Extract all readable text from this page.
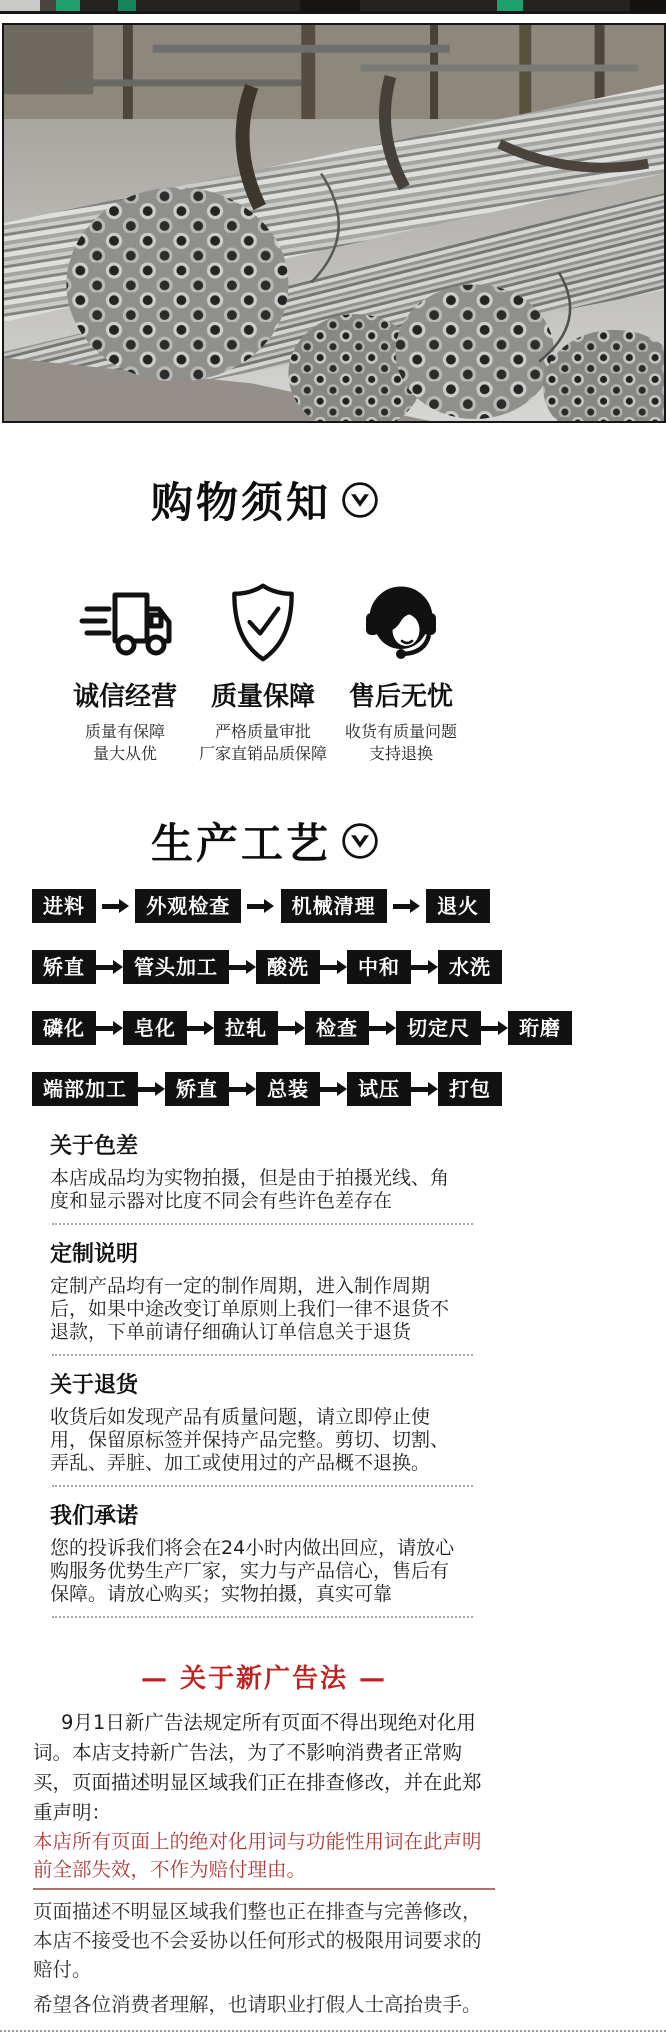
购物须知
诚信经营
质量有保障
量大从优
质量保障
严格质量审批
厂家直销品质保障
售后无忧
收货有质量问题
支持退换
生产工艺
进料	外观检查	机械清理	退火
矫直	管头加工	酸洗	中和	水洗
磷化	皂化	拉轧	检查	切定尺	珩磨
端部加工	矫直	总装	试压	打包
关于色差
本店成品均为实物拍摄，但是由于拍摄光线、角度和显示器对比度不同会有些许色差存在
定制说明
定制产品均有一定的制作周期，进入制作周期后，如果中途改变订单原则上我们一律不退货不退款，下单前请仔细确认订单信息关于退货
关于退货
收货后如发现产品有质量问题，请立即停止使用，保留原标签并保持产品完整。剪切、切割、弄乱、弄脏、加工或使用过的产品概不退换。
我们承诺
您的投诉我们将会在24小时内做出回应，请放心购服务优势生产厂家，实力与产品信心，售后有保障。请放心购买；实物拍摄，真实可靠
— 关于新广告法 —
9月1日新广告法规定所有页面不得出现绝对化用词。本店支持新广告法，为了不影响消费者正常购买，页面描述明显区域我们正在排查修改，并在此郑重声明：
本店所有页面上的绝对化用词与功能性用词在此声明前全部失效，不作为赔付理由。
页面描述不明显区域我们整也正在排查与完善修改，本店不接受也不会妥协以任何形式的极限用词要求的赔付。
希望各位消费者理解，也请职业打假人士高抬贵手。
